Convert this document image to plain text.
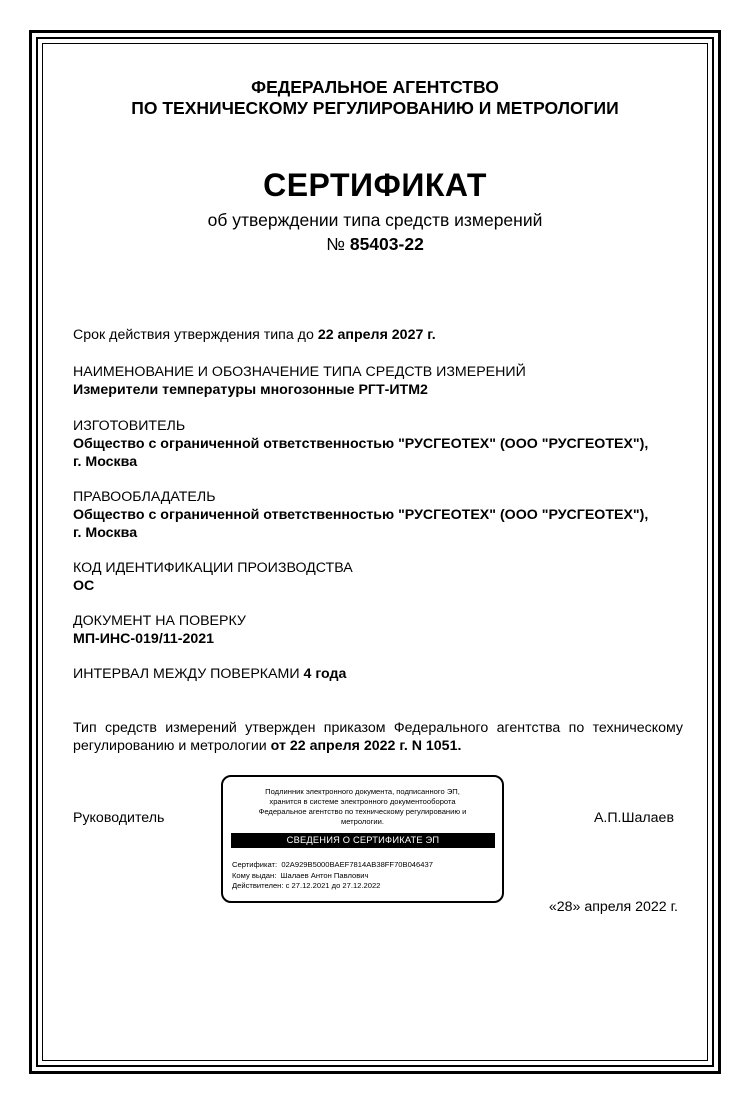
ФЕДЕРАЛЬНОЕ АГЕНТСТВО
ПО ТЕХНИЧЕСКОМУ РЕГУЛИРОВАНИЮ И МЕТРОЛОГИИ
СЕРТИФИКАТ
об утверждении типа средств измерений
№ 85403-22
Срок действия утверждения типа до 22 апреля 2027 г.
НАИМЕНОВАНИЕ И ОБОЗНАЧЕНИЕ ТИПА СРЕДСТВ ИЗМЕРЕНИЙ
Измерители температуры многозонные РГТ-ИТМ2
ИЗГОТОВИТЕЛЬ
Общество с ограниченной ответственностью "РУСГЕОТЕХ" (ООО "РУСГЕОТЕХ"),
г. Москва
ПРАВООБЛАДАТЕЛЬ
Общество с ограниченной ответственностью "РУСГЕОТЕХ" (ООО "РУСГЕОТЕХ"),
г. Москва
КОД ИДЕНТИФИКАЦИИ ПРОИЗВОДСТВА
ОС
ДОКУМЕНТ НА ПОВЕРКУ
МП-ИНС-019/11-2021
ИНТЕРВАЛ МЕЖДУ ПОВЕРКАМИ 4 года
Тип средств измерений утвержден приказом Федерального агентства по техническому регулированию и метрологии от 22 апреля 2022 г. N 1051.
Руководитель	А.П.Шалаев
Подлинник электронного документа, подписанного ЭП,
хранится в системе электронного документооборота
Федеральное агентство по техническому регулированию и
метрологии.
СВЕДЕНИЯ О СЕРТИФИКАТЕ ЭП
Сертификат: 02A929B5000BAEF7814AB38FF70B046437
Кому выдан: Шалаев Антон Павлович
Действителен: с 27.12.2021 до 27.12.2022
«28» апреля 2022 г.
